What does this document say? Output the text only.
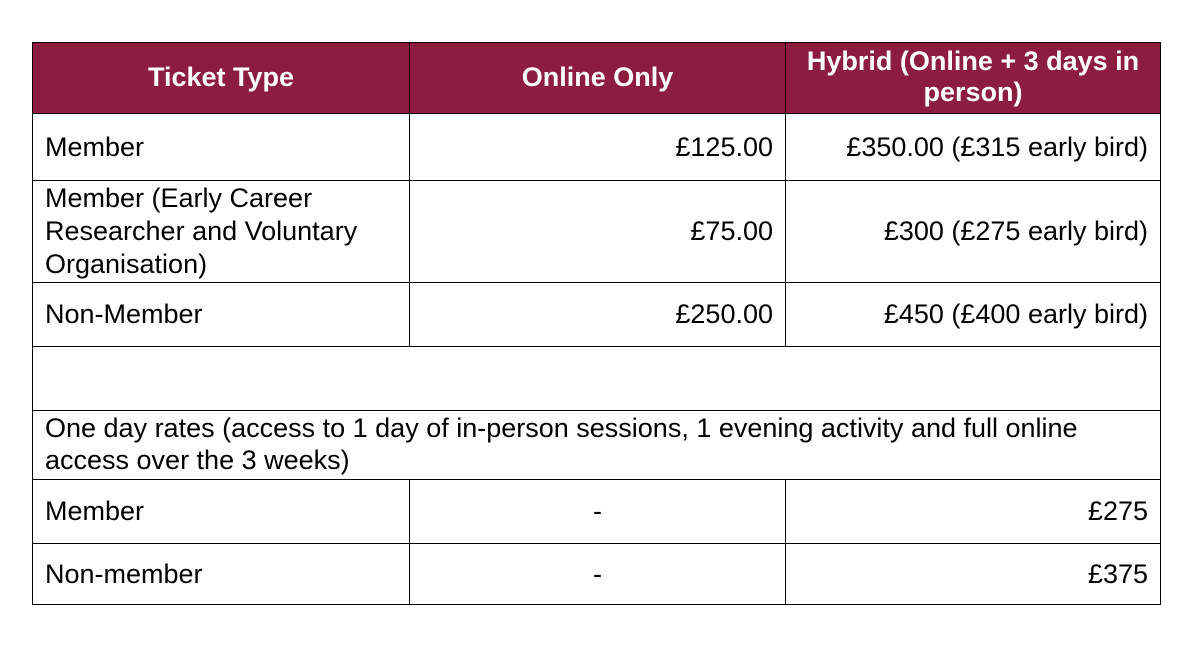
Ticket Type	Online Only	Hybrid (Online + 3 days in person)
Member	£125.00	£350.00 (£315 early bird)
Member (Early Career Researcher and Voluntary Organisation)	£75.00	£300 (£275 early bird)
Non-Member	£250.00	£450 (£400 early bird)

One day rates (access to 1 day of in-person sessions, 1 evening activity and full online access over the 3 weeks)		
Member	-	£275
Non-member	-	£375
